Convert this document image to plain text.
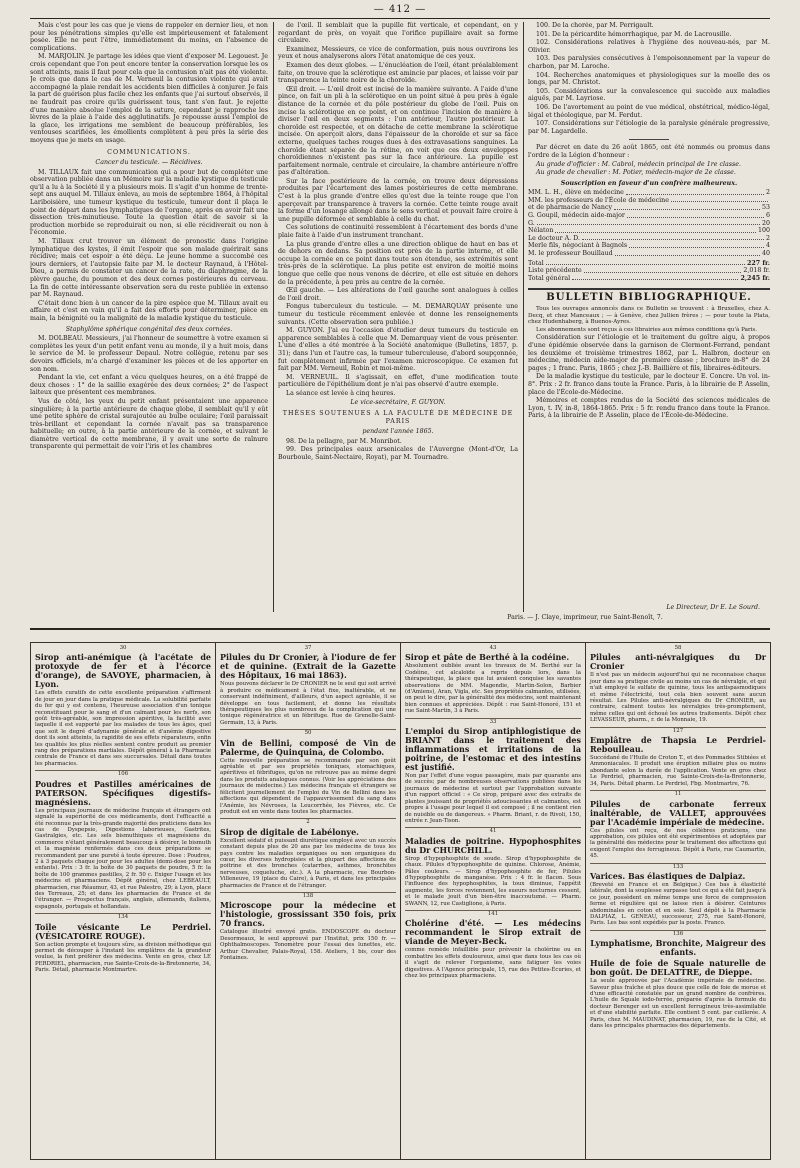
— 412 —

Mais c'est pour les cas que je viens de rappeler en dernier lieu, et non pour les pénétrations simples qu'elle est impérieusement et fatalement posée. Elle ne peut l'être, immédiatement du moins, en l'absence de complications.

M. MARJOLIN. Je partage les idées que vient d'exposer M. Legouest. Je crois cependant que l'on peut encore tenter la conservation lorsque les os sont atteints, mais il faut pour cela que la contusion n'ait pas été violente. Je crois que dans le cas de M. Verneuil la contusion violente qui avait accompagné la plaie rendait les accidents bien difficiles à conjurer. Je fais la part de guérison plus facile chez les enfants que j'ai surtout observés, il ne faudrait pas croire qu'ils guérissent tous, tant s'en faut. Je rejette d'une manière absolue l'emploi de la suture, cependant je rapproche les lèvres de la plaie à l'aide des agglutinatifs. Je repousse aussi l'emploi de la glace, les irrigations me semblent de beaucoup préférables, les ventouses scarifiées, les émollients complètent à peu près la série des moyens que je mets en usage.

COMMUNICATIONS.
Cancer du testicule. — Récidives.

M. TILLAUX fait une communication qui a pour but de compléter une observation publiée dans un Mémoire sur la maladie kystique du testicule qu'il a lu à la Société il y a plusieurs mois. Il s'agit d'un homme de trente-sept ans auquel M. Tillaux enleva, au mois de septembre 1864, à l'hôpital Lariboisière, une tumeur kystique du testicule, tumeur dont il plaça le point de départ dans les lymphatiques de l'organe, après en avoir fait une dissection très-minutieuse. Toute la question était de savoir si la production morbide se reproduirait ou non, si elle récidiverait ou non à l'économie.

M. Tillaux crut trouver un élément de pronostic dans l'origine lymphatique des kystes, il émit l'espoir que son malade guérirait sans récidive; mais cet espoir a été déçu. Le jeune homme a succombé ces jours derniers, et l'autopsie faite par M. le docteur Raynaud, à l'Hôtel-Dieu, a permis de constater un cancer de la rate, du diaphragme, de la plèvre gauche, du poumon et des deux cornes postérieures du cerveau. La fin de cette intéressante observation sera du reste publiée in extenso par M. Raynaud.

C'était donc bien à un cancer de la pire espèce que M. Tillaux avait eu affaire et c'est en vain qu'il a fait des efforts pour déterminer, pièce en main, la bénignité ou la malignité de la maladie kystique du testicule.

Staphylôme sphérique congénital des deux cornées.

M. DOLBEAU. Messieurs, j'ai l'honneur de soumettre à votre examen si complètes les yeux d'un petit enfant venu au monde, il y a huit mois, dans le service de M. le professeur Depaul. Notre collègue, retenu par ses devoirs officiels, m'a chargé d'examiner les pièces et de les apporter en son nom.

Pendant la vie, cet enfant a vécu quelques heures, on a été frappé de deux choses : 1° de la saillie exagérée des deux cornées; 2° de l'aspect laiteux que présentent ces membranes.

Vus de côté, les yeux du petit enfant présentaient une apparence singulière; à la partie antérieure de chaque globe, il semblait qu'il y eût une petite sphère de cristal surajoutée au bulbe oculaire; l'œil paraissait très-brillant et cependant la cornée n'avait pas sa transparence habituelle; en outre, à la partie antérieure de la cornée, et suivant le diamètre vertical de cette membrane, il y avait une sorte de raînure transparente qui permettait de voir l'iris et les chambres

de l'œil. Il semblait que la pupille fût verticale, et cependant, en y regardant de près, on voyait que l'orifice pupillaire avait sa forme circulaire.

Examinez, Messieurs, ce vice de conformation, puis nous ouvrirons les yeux et nous analyserons alors l'état anatomique de ces yeux.

Examen des deux globes. — L'énucléation de l'œil, étant préalablement faite, on trouve que la sclérotique est amincie par places, et laisse voir par transparence la teinte noire de la choroïde.

Œil droit. — L'œil droit est incisé de la manière suivante. A l'aide d'une pince, on fait un pli à la sclérotique en un point situé à peu près à égale distance de la cornée et du pôle postérieur du globe de l'œil. Puis on incise la sclérotique en ce point, et on continue l'incision de manière à diviser l'œil en deux segments : l'un antérieur, l'autre postérieur. La choroïde est respectée, et on détache de cette membrane la sclérotique incisée. On aperçoit alors, dans l'épaisseur de la choroïde et sur sa face externe, quelques taches rouges dues à des extravasations sanguines. La choroïde étant séparée de la rétine, on voit que ces deux enveloppes choroïdiennes n'existent pas sur la face antérieure. La pupille est parfaitement normale, centrale et circulaire, la chambre antérieure n'offre pas d'altération.

Sur la face postérieure de la cornée, on trouve deux dépressions produites par l'écartement des lames postérieures de cette membrane. C'est à la plus grande d'entre elles qu'est due la teinte rouge que l'on aperçevait par transparence à travers la cornée. Cette teinte rouge avait la forme d'un losange allongé dans le sens vertical et pouvait faire croire à une pupille déformée et semblable à celle du chat.

Ces solutions de continuité ressemblent à l'écartement des bords d'une plaie faite à l'aide d'un instrument tranchant.

La plus grande d'entre elles a une direction oblique de haut en bas et de dehors en dedans. Sa position est près de la partie interne, et elle occupe la cornée en ce point dans toute son étendue, ses extrémités sont très-près de la sclérotique. La plus petite est environ de moitié moins longue que celle que nous venons de décrire, et elle est située en dehors de la précédente, à peu près au centre de la cornée.

Œil gauche. — Les altérations de l'œil gauche sont analogues à celles de l'œil droit.

Fongus tuberculeux du testicule. — M. DEMARQUAY présente une tumeur du testicule récemment enlevée et donne les renseignements suivants. (Cette observation sera publiée.)

M. GUYON. J'ai eu l'occasion d'étudier deux tumeurs du testicule en apparence semblables à celle que M. Demarquay vient de vous présenter. L'une d'elles a été montrée à la Société anatomique (Bulletins, 1857, p. 31); dans l'un et l'autre cas, la tumeur tuberculeuse, d'abord soupçonnée, fut complètement infirmée par l'examen microscopique. Ce examen fut fait par MM. Verneuil, Robin et moi-même.

M. VERNEUIL. Il s'agissait, en effet, d'une modification toute particulière de l'épithélium dont je n'ai pas observé d'autre exemple.

La séance est levée à cinq heures.

Le vice-secrétaire, F. GUYON.
THÈSES SOUTENUES A LA FACULTÉ DE MÉDECINE DE PARIS
pendant l'année 1865.

98. De la pellagre, par M. Monribot.

99. Des principales eaux arsenicales de l'Auvergne (Mont-d'Or, La Bourboule, Saint-Nectaire, Royat), par M. Tournadre.

100. De la chorée, par M. Perrigault.

101. De la péricardite hémorrhagique, par M. de Lacrousille.

102. Considérations relatives à l'hygiène des nouveau-nés, par M. Olivier.

103. Des paralysies consécutives à l'empoisonnement par la vapeur de charbon, par M. Laroche.

104. Recherches anatomiques et physiologiques sur la moelle des os longs, par M. Christot.

105. Considérations sur la convalescence qui succède aux maladies aiguës, par M. Layriose.

106. De l'avortement au point de vue médical, obstétrical, médico-légal, légal et théologique, par M. Ferdut.

107. Considérations sur l'étiologie de la paralysie générale progressive, par M. Lagardelle.

Par décret en date du 26 août 1865, ont été nommés ou promus dans l'ordre de la Légion d'honneur :

Au grade d'officier : M. Cabrol, médecin principal de 1re classe.

Au grade de chevalier : M. Potier, médecin-major de 2e classe.

Souscription en faveur d'un confrère malheureux.
MM. L. H., élève en médecine	2
MM. les professeurs de l'École de médecine
et de pharmacie de Nancy	53
G. Goupil, médecin aide-major	6
G.	20
Nélaton	100
Le docteur A. D.	2
Merle fils, négociant à Bagnols	4
M. le professeur Bouillaud	40
Total	227 fr.
Liste précédente	2,018 fr.
Total général	2,245 fr.
BULLETIN BIBLIOGRAPHIQUE.

Tous les ouvrages annoncés dans ce Bulletin se trouvent : à Bruxelles, chez A. Decq, et chez Manceaux ; — à Genève, chez Jullien frères ; — pour toute la Plata, chez Hudenhaberg, à Buenos-Ayres.

Les abonnements sont reçus à ces librairies aux mêmes conditions qu'à Paris.

Considération sur l'étiologie et le traitement du goître aigu, à propos d'une épidémie observée dans la garnison de Clermont-Ferrand, pendant les deuxième et troisième trimestres 1862, par L. Halbron, docteur en médecine, médecin aide-major de première classe ; brochure in-8° de 24 pages ; 1 franc. Paris, 1865 ; chez J.-B. Baillière et fils, libraires-éditeurs.

De la maladie kystique du testicule, par le docteur E. Concre. Un vol. in-8°. Prix : 2 fr. franco dans toute la France. Paris, à la librairie de P. Asselin, place de l'École-de-Médecine.

Mémoires et comptes rendus de la Société des sciences médicales de Lyon, t. IV, in-8, 1864-1865. Prix : 5 fr. rendu franco dans toute la France. Paris, à la librairie de P. Asselin, place de l'École-de-Médecine.

Le Directeur, Dr E. Le Sourd.
Paris. — J. Claye, imprimeur, rue Saint-Benoît, 7.
30
Sirop anti-anémique (à l'acétate de protoxyde de fer et à l'écorce d'orange), de SAVOYE, pharmacien, à Lyon.
Les effets curatifs de cette excellente préparation s'affirment de jour en jour dans la pratique médicale. La solubilité parfaite du fer qui y est contenu, l'heureuse association d'un tonique reconstituant pour le sang et d'un calmant pour les nerfs, son goût très-agréable, son impression apéritive, la facilité avec laquelle il est supporté par les malades de tous les âges, quel que soit le degré d'adynamie générale et d'anémie digestive dont ils sont atteints, la rapidité de ses effets réparateurs, enfin les qualités les plus réelles sentent contre produit au premier rang des préparations martiales. Dépôt général à la Pharmacie centrale de France et dans ses succursales. Détail dans toutes les pharmacies.
106
Poudres et Pastilles américaines de PATERSON. Spécifiques digestifs-magnésiens.
Les principaux journaux de médecine français et étrangers ont signalé la supériorité de ces médicaments, dont l'efficacité a été reconnue par la très-grande majorité des praticiens dans les cas de Dyspepsie, Digestions laborieuses, Gastrites, Gastralgies, etc. Les sels bismuthiques et magnésiens du commerce n'étant généralement beaucoup à désirer, le bismuth et la magnésie renfermés dans ces deux préparations se recommandent par une pureté à toute épreuve. Dose : Poudres, 2 à 3 paquets chaque jour pour les adultes (demi-dose pour les enfants). Prix : 3 fr. la boîte de 30 paquets de poudre, 5 fr. la boîte de 100 grammes pastilles, 2 fr. 50 c. Exiger l'usage et les médecins et pharmaciens. Dépôt général, chez LEBEAULT, pharmacien, rue Réaumur, 43, et rue Palestro, 29; à Lyon, place des Terreaux, 25; et dans les pharmacies de France et de l'étranger. — Prospectus français, anglais, allemands, italiens, espagnols, portugais et hollandais.
134
Toile vésicante Le Perdriel. (VÉSICATOIRE ROUGE).
Son action prompte et toujours sûre, sa division méthodique qui permet de découper à l'instant les emplâtres de la grandeur voulue, la font préférer des médecins. Vente en gros, chez LE PERDRIEL, pharmacien, rue Sainte-Croix-de-la-Bretonnerie, 34, Paris. Détail, pharmacie Montmartre.
37
Pilules du Dr Cronier, à l'iodure de fer et de quinine. (Extrait de la Gazette des Hôpitaux, 16 mai 1863).
Nous pouvons déclarer le Dr CRONIER ne le seul qui soit arrivé à produire ce médicament à l'état fixe, inaltérable, et ne conservant indéfiniment, d'ailleurs, d'un aspect agréable, il se développe en tous facilement, et donne les résultats thérapeutiques les plus nombreux de la complication qui une tonique régénératrice et un fébrifuge. Rue de Grenelle-Saint-Germain, 13, à Paris.
50
Vin de Bellini, composé de Vin de Palerme, de Quinquina, de Colombo.
Cette nouvelle préparation se recommande par son goût agréable et par ses propriétés toniques, stomachiques, apéritives et fébrifuges, qu'on ne retrouve pas au même degré dans les produits analogues connus. (Voir les appréciations des journaux de médecine.) Les médecins français et étrangers se félicitent journellement de l'emploi du Vin de Bellini dans les affections qui dépendent de l'appauvrissement du sang dans l'Anémie, les Névroses, la Leucorrhée, les Fièvres, etc. Ce produit est en vente dans toutes les pharmacies.
2
Sirop de digitale de Labélonye.
Excellent sédatif et puissant diurétique employé avec un succès constant depuis plus de 20 ans par les médecins de tous les pays contre les maladies organiques ou non organiques du cœur, les diverses hydropisies et la plupart des affections de poitrine et des bronches (catarrhes, asthmes, bronchites nerveuses, coqueluche, etc.). A la pharmacie, rue Bourbon-Villeneuve, 19 (place du Caire), à Paris, et dans les principales pharmacies de France et de l'étranger.
138
Microscope pour la médecine et l'histologie, grossissant 350 fois, prix 70 francs.
Catalogue illustré envoyé gratis. ENDOSCOPE du docteur Desormeaux, le seul approuvé par l'Institut, prix 150 fr. — Ophthalmoscopes. Tonomètre pour l'essai des lunettes, etc. Arthur Chevalier, Palais-Royal, 158. Ateliers, 1 bis, cour des Fontaines.
43
Sirop et pâte de Berthé à la codéine.
Absolument oubliée avant les travaux de M. Berthé sur la Codéine, cet alcaloïde a repris depuis lors, dans la thérapeutique, la place que lui avaient conquise les savantes observations de MM. Magendie, Martin-Solon, Barbier (d'Amiens), Aran, Vigla, etc. Ses propriétés calmantes, utilisées, on peut le dire, par la généralité des médecins, sont maintenant bien connues et appréciées. Dépôt : rue Saint-Honoré, 151 et rue Saint-Martin, 3 à Paris.
33
L'emploi du Sirop antiphlogistique de BRIANT dans le traitement des inflammations et irritations de la poitrine, de l'estomac et des intestins est justifié.
Non par l'effet d'une vogue passagère, mais par quarante ans de succès; par de nombreuses observations publiées dans les journaux de médecine et surtout par l'approbation suivante d'un rapport officiel : « Ce sirop, préparé avec des extraits de plantes jouissant de propriétés adoucissantes et calmantes, est propre à l'usage pour lequel il est composé ; il ne contient rien de nuisible ou de dangereux. » Pharm. Briant, r. de Rivoli, 150, entrée r. Jean-Tison.
41
Maladies de poitrine. Hypophosphites du Dr CHURCHILL.
Sirop d'hypophosphite de soude. Sirop d'hypophosphite de chaux. Pilules d'hypophosphite de quinine. Chlorose, Anémie, Pâles couleurs. — Sirop d'hypophosphite de fer, Pilules d'hypophosphite de manganèse. Prix : 4 fr. le flacon. Sous l'influence des hypophosphites, la toux diminue, l'appétit augmente, les forces reviennent, les sueurs nocturnes cessent, et le malade jouit d'un bien-être inaccoutumé. — Pharm. SWANN, 12, rue Castiglione, à Paris.
141
Cholérine d'été. — Les médecins recommandent le Sirop extrait de viande de Meyer-Beck.
comme remède infaillible pour prévenir la cholérine ou en combattre les effets douloureux, ainsi que dans tous les cas où il s'agit de relever l'organisme, sans fatiguer les voies digestives. A l'Agence principale, 15, rue des Petites-Écuries, et chez les principaux pharmaciens.
58
Pilules anti-névralgiques du Dr Cronier
Il n'est pas un médecin aujourd'hui qui ne reconnaisse chaque jour dans sa pratique civile au moins un cas de névralgie, et qui n'ait employé le sulfate de quinine, tous les antispasmodiques et même l'électricité, tout cela bien souvent sans aucun résultat. Les Pilules anti-névralgiques du Dr CRONIER, au contraire, calment toutes les névralgies très-promptement, même celles qui ont échoué les autres traitements. Dépôt chez LEVASSEUR, pharm., r. de la Monnaie, 19.
127
Emplâtre de Thapsia Le Perdriel-Reboulleau.
Succédané de l'Huile de Croton T., et des Pommades Stibiées et Ammoniacales. Il produit une éruption miliaire plus ou moins abondante selon la durée de l'application. Vente en gros chez Le Perdriel, pharmacien, rue Sainte-Croix-de-la-Bretonnerie, 34, Paris. Détail pharm. Le Perdriel, Fbg. Montmartre, 76.
11
Pilules de carbonate ferreux inaltérable, de VALLET, approuvées par l'Académie impériale de médecine.
Ces pilules ont reçu, de nos célèbres praticiens, une approbation, ces pilules ont été expérimentées et adoptées par la généralité des médecins pour le traitement des affections qui exigent l'emploi des ferrugineux. Dépôt à Paris, rue Caumartin, 45.
133
Varices. Bas élastiques de Dalpiaz.
(Breveté en France et en Belgique.) Ces bas à élasticité latérale, dont la souplesse surpasse tout ce qui a été fait jusqu'à ce jour, possèdent en même temps une force de compression ferme et régulière qui ne laisse rien à désirer. Ceintures abdominales en coton et en soie. Seul dépôt à la Pharmacie DALPIAZ, L. GENEAU, successeur, 275, rue Saint-Honoré, Paris. Les bas sont expédiés par la poste. Franco.
136
Lymphatisme, Bronchite, Maigreur des enfants.
Huile de foie de Squale naturelle de bon goût. De DELATTRE, de Dieppe.
La seule approuvée par l'Académie impériale de médecine. Saveur plus fraîche et plus douce que celle de foie de morue et d'une efficacité constatée par un grand nombre de confrères. L'huile de Squale iodo-ferrée, préparée d'après la formule du docteur Berenger est un excellent ferrugineux très-assimilable et d'une stabilité parfaite. Elle contient 5 cent. par cuillerée. A Paris, chez M. MAUDINAT, pharmacien, 19, rue de la Cité, et dans les principales pharmacies des départements.
